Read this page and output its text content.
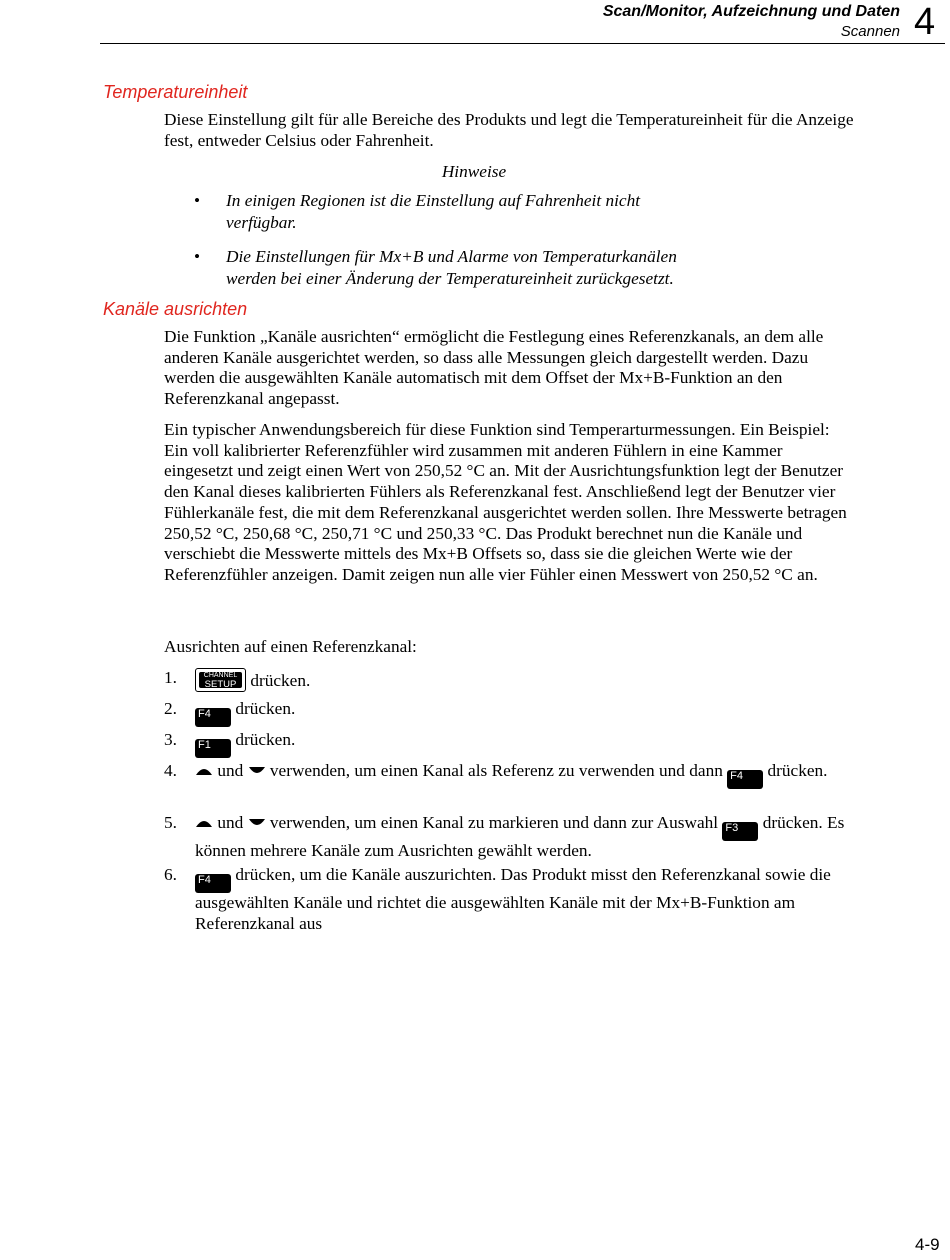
Scan/Monitor, Aufzeichnung und Daten
Scannen 4
Temperatureinheit
Diese Einstellung gilt für alle Bereiche des Produkts und legt die Temperatureinheit für die Anzeige fest, entweder Celsius oder Fahrenheit.
Hinweise
• In einigen Regionen ist die Einstellung auf Fahrenheit nicht verfügbar.
• Die Einstellungen für Mx+B und Alarme von Temperaturkanälen werden bei einer Änderung der Temperatureinheit zurückgesetzt.
Kanäle ausrichten
Die Funktion „Kanäle ausrichten“ ermöglicht die Festlegung eines Referenzkanals, an dem alle anderen Kanäle ausgerichtet werden, so dass alle Messungen gleich dargestellt werden. Dazu werden die ausgewählten Kanäle automatisch mit dem Offset der Mx+B-Funktion an den Referenzkanal angepasst.
Ein typischer Anwendungsbereich für diese Funktion sind Temperarturmessungen. Ein Beispiel: Ein voll kalibrierter Referenzfühler wird zusammen mit anderen Fühlern in eine Kammer eingesetzt und zeigt einen Wert von 250,52 °C an. Mit der Ausrichtungsfunktion legt der Benutzer den Kanal dieses kalibrierten Fühlers als Referenzkanal fest. Anschließend legt der Benutzer vier Fühlerkanäle fest, die mit dem Referenzkanal ausgerichtet werden sollen. Ihre Messwerte betragen 250,52 °C, 250,68 °C, 250,71 °C und 250,33 °C. Das Produkt berechnet nun die Kanäle und verschiebt die Messwerte mittels des Mx+B Offsets so, dass sie die gleichen Werte wie der Referenzfühler anzeigen. Damit zeigen nun alle vier Fühler einen Messwert von 250,52 °C an.
Ausrichten auf einen Referenzkanal:
1.	CHANNEL
SETUP drücken.
2. F4 drücken.
3. F1 drücken.
4.	und  verwenden, um einen Kanal als Referenz zu verwenden und dann F4 drücken.
5.	und  verwenden, um einen Kanal zu markieren und dann zur Auswahl F3 drücken. Es können mehrere Kanäle zum Ausrichten gewählt werden.
6. F4 drücken, um die Kanäle auszurichten. Das Produkt misst den Referenzkanal sowie die ausgewählten Kanäle und richtet die ausgewählten Kanäle mit der Mx+B-Funktion am Referenzkanal aus
4-9
